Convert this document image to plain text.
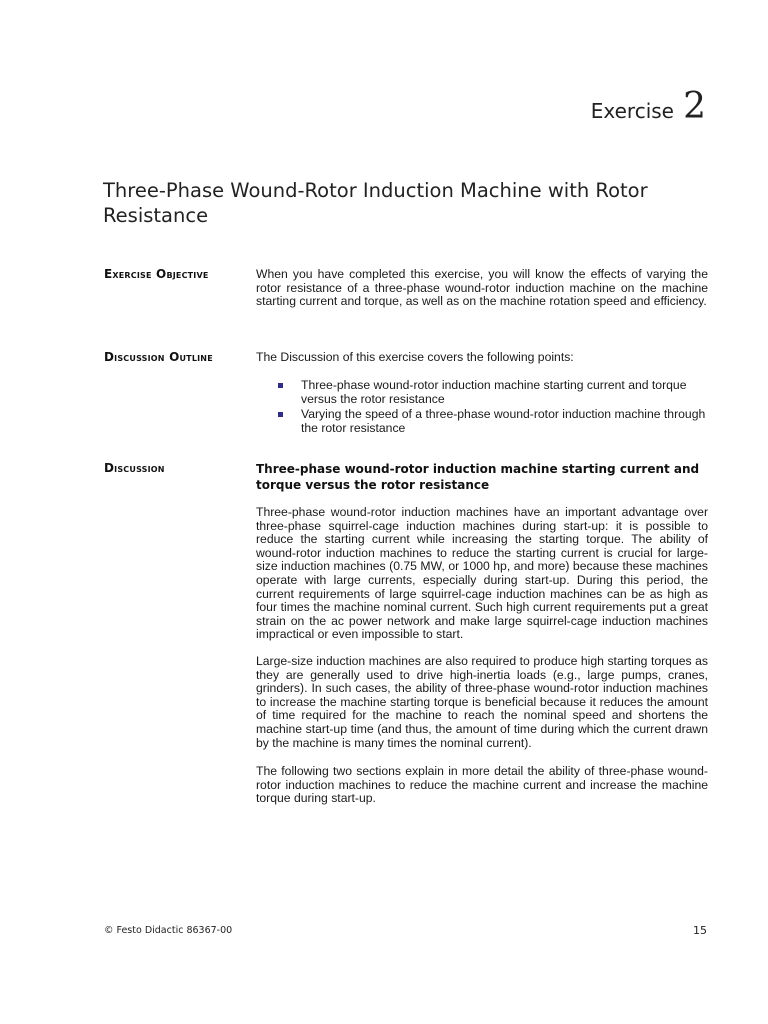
Exercise 2
Three-Phase Wound-Rotor Induction Machine with Rotor Resistance
Exercise Objective	When you have completed this exercise, you will know the effects of varying the rotor resistance of a three-phase wound-rotor induction machine on the machine starting current and torque, as well as on the machine rotation speed and efficiency.

Discussion Outline	The Discussion of this exercise covers the following points:
Three-phase wound-rotor induction machine starting current and torque versus the rotor resistance
Varying the speed of a three-phase wound-rotor induction machine through the rotor resistance
Discussion	Three-phase wound-rotor induction machine starting current and torque versus the rotor resistance

Three-phase wound-rotor induction machines have an important advantage over three-phase squirrel-cage induction machines during start-up: it is possible to reduce the starting current while increasing the starting torque. The ability of wound-rotor induction machines to reduce the starting current is crucial for large-size induction machines (0.75 MW, or 1000 hp, and more) because these machines operate with large currents, especially during start-up. During this period, the current requirements of large squirrel-cage induction machines can be as high as four times the machine nominal current. Such high current requirements put a great strain on the ac power network and make large squirrel-cage induction machines impractical or even impossible to start.

Large-size induction machines are also required to produce high starting torques as they are generally used to drive high-inertia loads (e.g., large pumps, cranes, grinders). In such cases, the ability of three-phase wound-rotor induction machines to increase the machine starting torque is beneficial because it reduces the amount of time required for the machine to reach the nominal speed and shortens the machine start-up time (and thus, the amount of time during which the current drawn by the machine is many times the nominal current).

The following two sections explain in more detail the ability of three-phase wound-rotor induction machines to reduce the machine current and increase the machine torque during start-up.

© Festo Didactic 86367-00	15
